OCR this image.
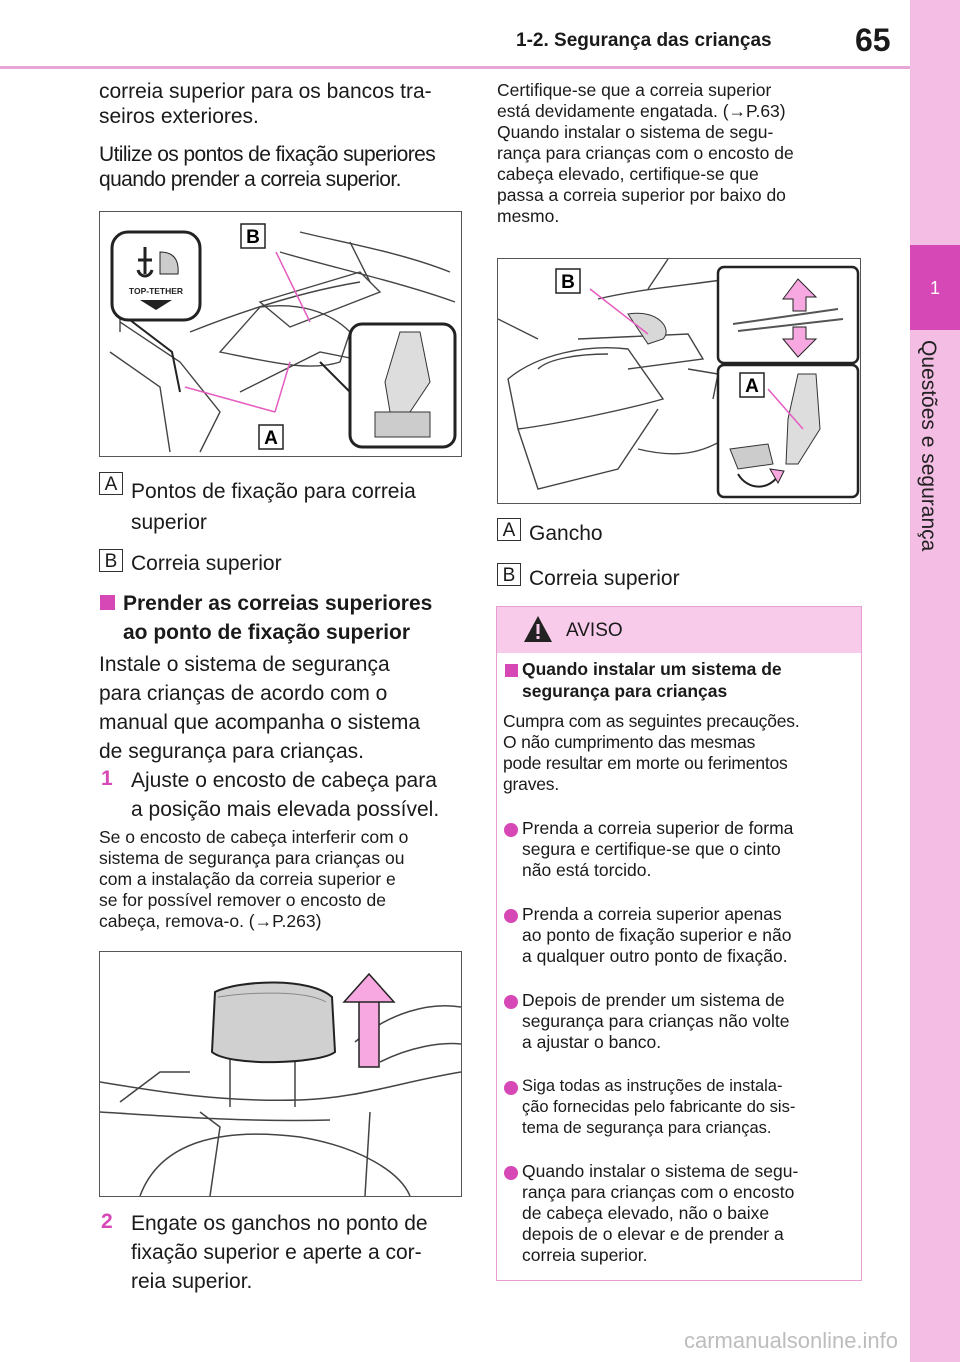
1-2. Segurança das crianças	65
1
Questões e segurança
correia superior para os bancos tra-
seiros exteriores.
Utilize os pontos de fixação superiores
quando prender a correia superior.
TOP-TETHER
B
A
A Pontos de fixação para correia
superior
B Correia superior
Prender as correias superiores
ao ponto de fixação superior
Instale o sistema de segurança
para crianças de acordo com o
manual que acompanha o sistema
de segurança para crianças.
1 Ajuste o encosto de cabeça para
a posição mais elevada possível.
Se o encosto de cabeça interferir com o
sistema de segurança para crianças ou
com a instalação da correia superior e
se for possível remover o encosto de
cabeça, remova-o. (→P.263)
2 Engate os ganchos no ponto de
fixação superior e aperte a cor-
reia superior.
Certifique-se que a correia superior
está devidamente engatada. (→P.63)
Quando instalar o sistema de segu-
rança para crianças com o encosto de
cabeça elevado, certifique-se que
passa a correia superior por baixo do
mesmo.
B
A
A Gancho
B Correia superior
AVISO
Quando instalar um sistema de
segurança para crianças
Cumpra com as seguintes precauções.
O não cumprimento das mesmas
pode resultar em morte ou ferimentos
graves.
Prenda a correia superior de forma
segura e certifique-se que o cinto
não está torcido.
Prenda a correia superior apenas
ao ponto de fixação superior e não
a qualquer outro ponto de fixação.
Depois de prender um sistema de
segurança para crianças não volte
a ajustar o banco.
Siga todas as instruções de instala-
ção fornecidas pelo fabricante do sis-
tema de segurança para crianças.
Quando instalar o sistema de segu-
rança para crianças com o encosto
de cabeça elevado, não o baixe
depois de o elevar e de prender a
correia superior.
carmanualsonline.info
